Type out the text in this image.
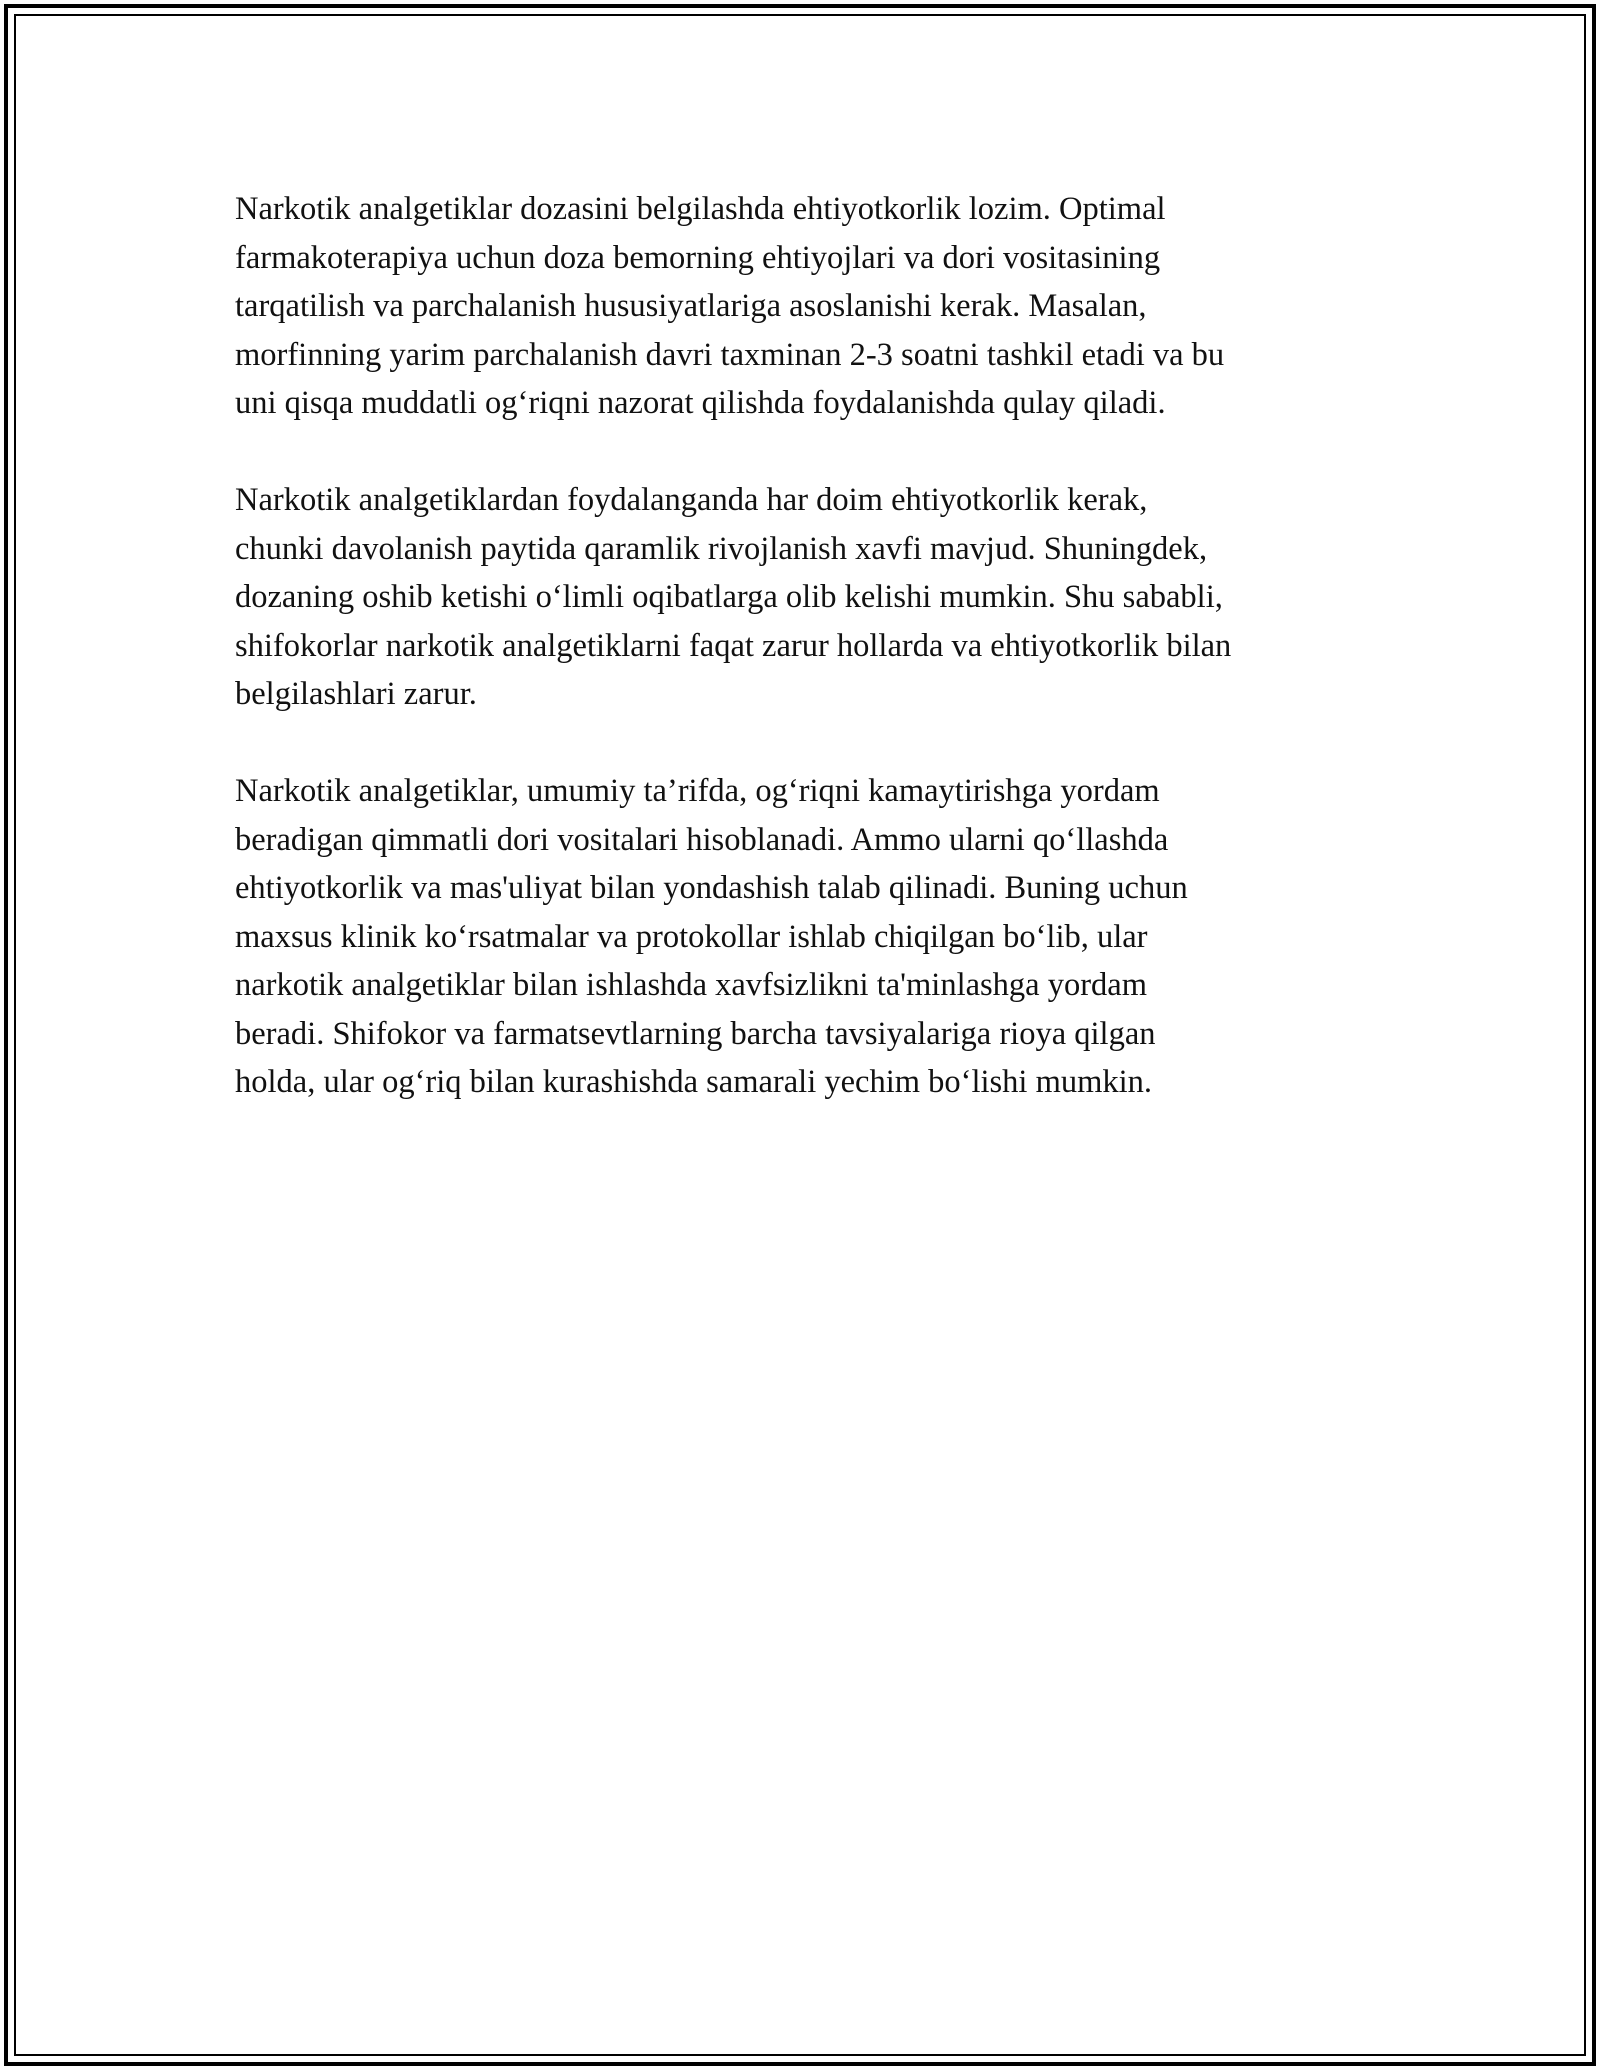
Narkotik analgetiklar dozasini belgilashda ehtiyotkorlik lozim. Optimal
farmakoterapiya uchun doza bemorning ehtiyojlari va dori vositasining
tarqatilish va parchalanish hususiyatlariga asoslanishi kerak. Masalan,
morfinning yarim parchalanish davri taxminan 2-3 soatni tashkil etadi va bu
uni qisqa muddatli og‘riqni nazorat qilishda foydalanishda qulay qiladi.

Narkotik analgetiklardan foydalanganda har doim ehtiyotkorlik kerak,
chunki davolanish paytida qaramlik rivojlanish xavfi mavjud. Shuningdek,
dozaning oshib ketishi o‘limli oqibatlarga olib kelishi mumkin. Shu sababli,
shifokorlar narkotik analgetiklarni faqat zarur hollarda va ehtiyotkorlik bilan
belgilashlari zarur.

Narkotik analgetiklar, umumiy ta’rifda, og‘riqni kamaytirishga yordam
beradigan qimmatli dori vositalari hisoblanadi. Ammo ularni qo‘llashda
ehtiyotkorlik va mas'uliyat bilan yondashish talab qilinadi. Buning uchun
maxsus klinik ko‘rsatmalar va protokollar ishlab chiqilgan bo‘lib, ular
narkotik analgetiklar bilan ishlashda xavfsizlikni ta'minlashga yordam
beradi. Shifokor va farmatsevtlarning barcha tavsiyalariga rioya qilgan
holda, ular og‘riq bilan kurashishda samarali yechim bo‘lishi mumkin.
